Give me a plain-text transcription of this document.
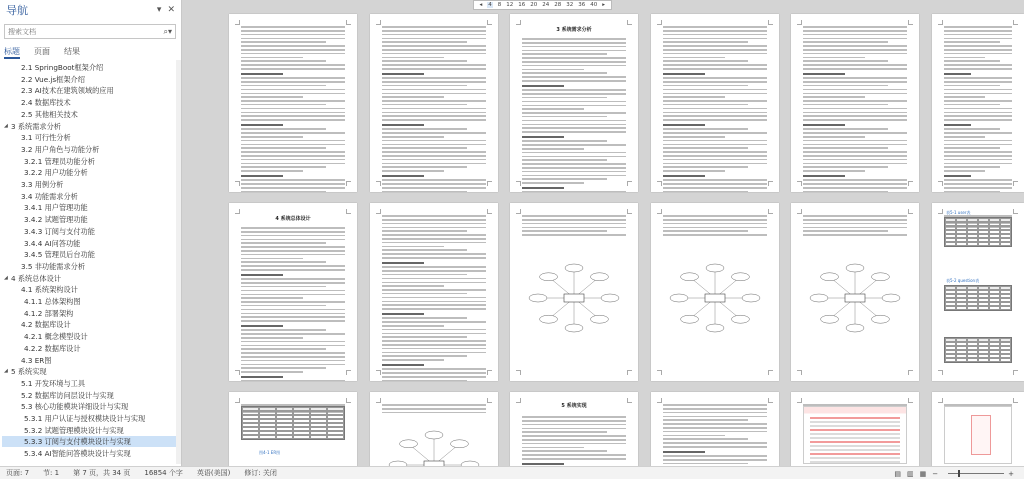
导航	▾ ✕
搜索文档
⌕▾
标题 页面 结果
2.1 SpringBoot框架介绍
2.2 Vue.js框架介绍
2.3 AI技术在建筑领域的应用
2.4 数据库技术
2.5 其他相关技术
◢ 3 系统需求分析
3.1 可行性分析
3.2 用户角色与功能分析
3.2.1 管理员功能分析
3.2.2 用户功能分析
3.3 用例分析
3.4 功能需求分析
3.4.1 用户管理功能
3.4.2 试题管理功能
3.4.3 订阅与支付功能
3.4.4 AI问答功能
3.4.5 管理员后台功能
3.5 非功能需求分析
◢ 4 系统总体设计
4.1 系统架构设计
4.1.1 总体架构图
4.1.2 部署架构
4.2 数据库设计
4.2.1 概念模型设计
4.2.2 数据库设计
4.3 ER图
◢ 5 系统实现
5.1 开发环境与工具
5.2 数据库访问层设计与实现
5.3 核心功能模块详细设计与实现
5.3.1 用户认证与授权模块设计与实现
5.3.2 试题管理模块设计与实现
5.3.3 订阅与支付模块设计与实现
5.3.4 AI智能问答模块设计与实现
◂ 4 8 12 16 20 24 28 32 36 40 ▸
3 系统需求分析
4 系统总体设计
表5-1 user表
表5-2 question表
5 系统实现
图4-1 ER图
页面: 7 节: 1 第 7 页，共 34 页 16854 个字 英语(美国) 修订: 关闭	▤ ▥ ▦ −	+
